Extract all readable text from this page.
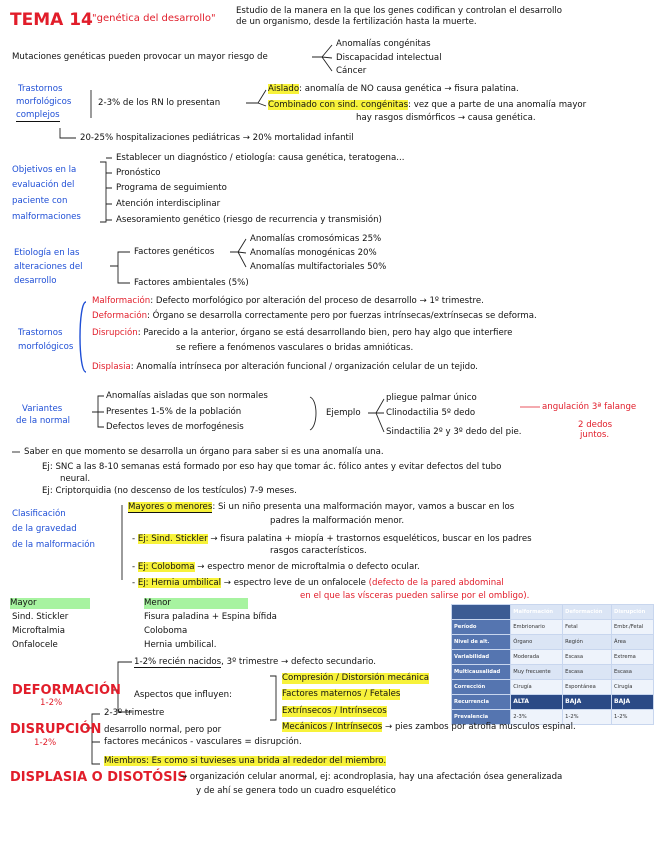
TEMA 14 "genética del desarrollo"
Estudio de la manera en la que los genes codifican y controlan el desarrollo
de un organismo, desde la fertilización hasta la muerte.
Mutaciones genéticas pueden provocar un mayor riesgo de
Anomalías congénitas
Discapacidad intelectual
Cáncer
Trastornos
morfológicos
complejos
2-3% de los RN lo presentan
Aislado: anomalía de NO causa genética → fisura palatina.
Combinado con sind. congénitas: vez que a parte de una anomalía mayor
hay rasgos dismórficos → causa genética.
20-25% hospitalizaciones pediátricas → 20% mortalidad infantil
Objetivos en la
evaluación del
paciente con
malformaciones
Establecer un diagnóstico / etiología: causa genética, teratogena...
Pronóstico
Programa de seguimiento
Atención interdisciplinar
Asesoramiento genético (riesgo de recurrencia y transmisión)
Etiología en las
alteraciones del
desarrollo
Factores genéticos
Anomalías cromosómicas 25%
Anomalías monogénicas 20%
Anomalías multifactoriales 50%
Factores ambientales (5%)
Trastornos
morfológicos
Malformación: Defecto morfológico por alteración del proceso de desarrollo → 1º trimestre.
Deformación: Órgano se desarrolla correctamente pero por fuerzas intrínsecas/extrínsecas se deforma.
Disrupción: Parecido a la anterior, órgano se está desarrollando bien, pero hay algo que interfiere
se refiere a fenómenos vasculares o bridas amnióticas.
Displasia: Anomalía intrínseca por alteración funcional / organización celular de un tejido.
Variantes
de la normal
Anomalías aisladas que son normales
Presentes 1-5% de la población
Defectos leves de morfogénesis
Ejemplo
pliegue palmar único
Clinodactilia 5º dedo
Sindactilia 2º y 3º dedo del pie.
angulación 3ª falange
2 dedos
juntos.
Saber en que momento se desarrolla un órgano para saber si es una anomalía una.
Ej: SNC a las 8-10 semanas está formado por eso hay que tomar ác. fólico antes y evitar defectos del tubo
neural.
Ej: Criptorquidia (no descenso de los testículos) 7-9 meses.
Clasificación
de la gravedad
de la malformación
Mayores o menores: Si un niño presenta una malformación mayor, vamos a buscar en los
padres la malformación menor.
- Ej: Sind. Stickler → fisura palatina + miopía + trastornos esqueléticos, buscar en los padres
rasgos característicos.
- Ej: Coloboma → espectro menor de microftalmia o defecto ocular.
- Ej: Hernia umbilical → espectro leve de un onfalocele (defecto de la pared abdominal
en el que las vísceras pueden salirse por el ombligo).
Mayor	Menor
Sind. Stickler	Fisura paladina + Espina bífida
Microftalmia	Coloboma
Onfalocele	Hernia umbilical.
	Malformación	Deformación	Disrupción
Período	Embrionario	Fetal	Embr./Fetal
Nivel de alt.	Órgano	Región	Área
Variabilidad	Moderada	Escasa	Extrema
Multicausalidad	Muy frecuente	Escasa	Escasa
Corrección	Cirugía	Espontánea	Cirugía
Recurrencia	ALTA	BAJA	BAJA
Prevalencia	2-3%	1-2%	1-2%
DEFORMACIÓN
1-2%
1-2% recién nacidos, 3º trimestre → defecto secundario.
Aspectos que influyen:
Compresión / Distorsión mecánica
Factores maternos / Fetales
Extrínsecos / Intrínsecos
DISRUPCIÓN
1-2%
2-3º trimestre
desarrollo normal, pero por
factores mecánicos - vasculares = disrupción.
Mecánicos / Intrínsecos → pies zambos por atrofia musculos espinal.
Miembros: Es como si tuvieses una brida al rededor del miembro.
DISPLASIA O DISOTÓSIS
→ organización celular anormal, ej: acondroplasia, hay una afectación ósea generalizada
y de ahí se genera todo un cuadro esquelético
